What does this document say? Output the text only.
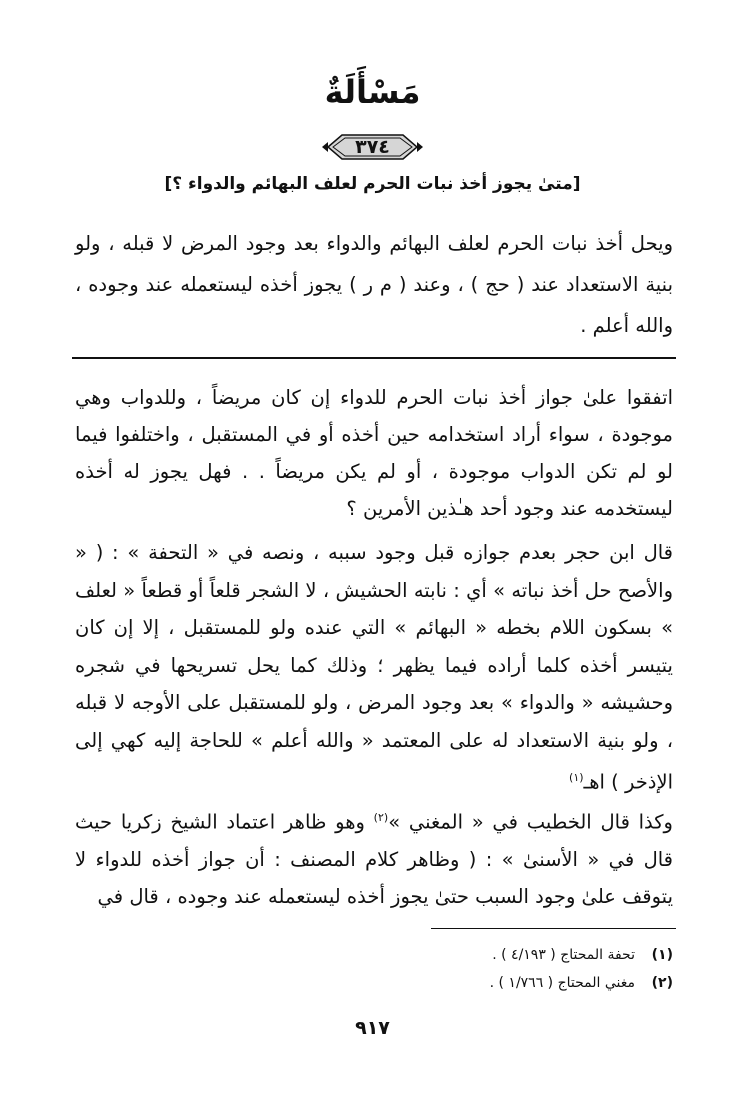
مَسْأَلَةٌ
٣٧٤
[متىٰ يجوز أخذ نبات الحرم لعلف البهائم والدواء ؟]
ويحل أخذ نبات الحرم لعلف البهائم والدواء بعد وجود المرض لا قبله ، ولو بنية الاستعداد عند ( حج ) ، وعند ( م ر ) يجوز أخذه ليستعمله عند وجوده ، والله أعلم .

اتفقوا علىٰ جواز أخذ نبات الحرم للدواء إن كان مريضاً ، وللدواب وهي موجودة ، سواء أراد استخدامه حين أخذه أو في المستقبل ، واختلفوا فيما لو لم تكن الدواب موجودة ، أو لم يكن مريضاً . . فهل يجوز له أخذه ليستخدمه عند وجود أحد هـٰذين الأمرين ؟

قال ابن حجر بعدم جوازه قبل وجود سببه ، ونصه في « التحفة » : ( « والأصح حل أخذ نباته » أي : نابته الحشيش ، لا الشجر قلعاً أو قطعاً « لعلف » بسكون اللام بخطه « البهائم » التي عنده ولو للمستقبل ، إلا إن كان يتيسر أخذه كلما أراده فيما يظهر ؛ وذلك كما يحل تسريحها في شجره وحشيشه « والدواء » بعد وجود المرض ، ولو للمستقبل على الأوجه لا قبله ، ولو بنية الاستعداد له على المعتمد « والله أعلم » للحاجة إليه كهي إلى الإذخر ) اهـ$^{(١)}$

وكذا قال الخطيب في « المغني »$^{(٢)}$ وهو ظاهر اعتماد الشيخ زكريا حيث قال في « الأسنىٰ » : ( وظاهر كلام المصنف : أن جواز أخذه للدواء لا يتوقف علىٰ وجود السبب حتىٰ يجوز أخذه ليستعمله عند وجوده ، قال في

(١)تحفة المحتاج ( ٤/١٩٣ ) .
(٢)مغني المحتاج ( ١/٧٦٦ ) .
٩١٧
